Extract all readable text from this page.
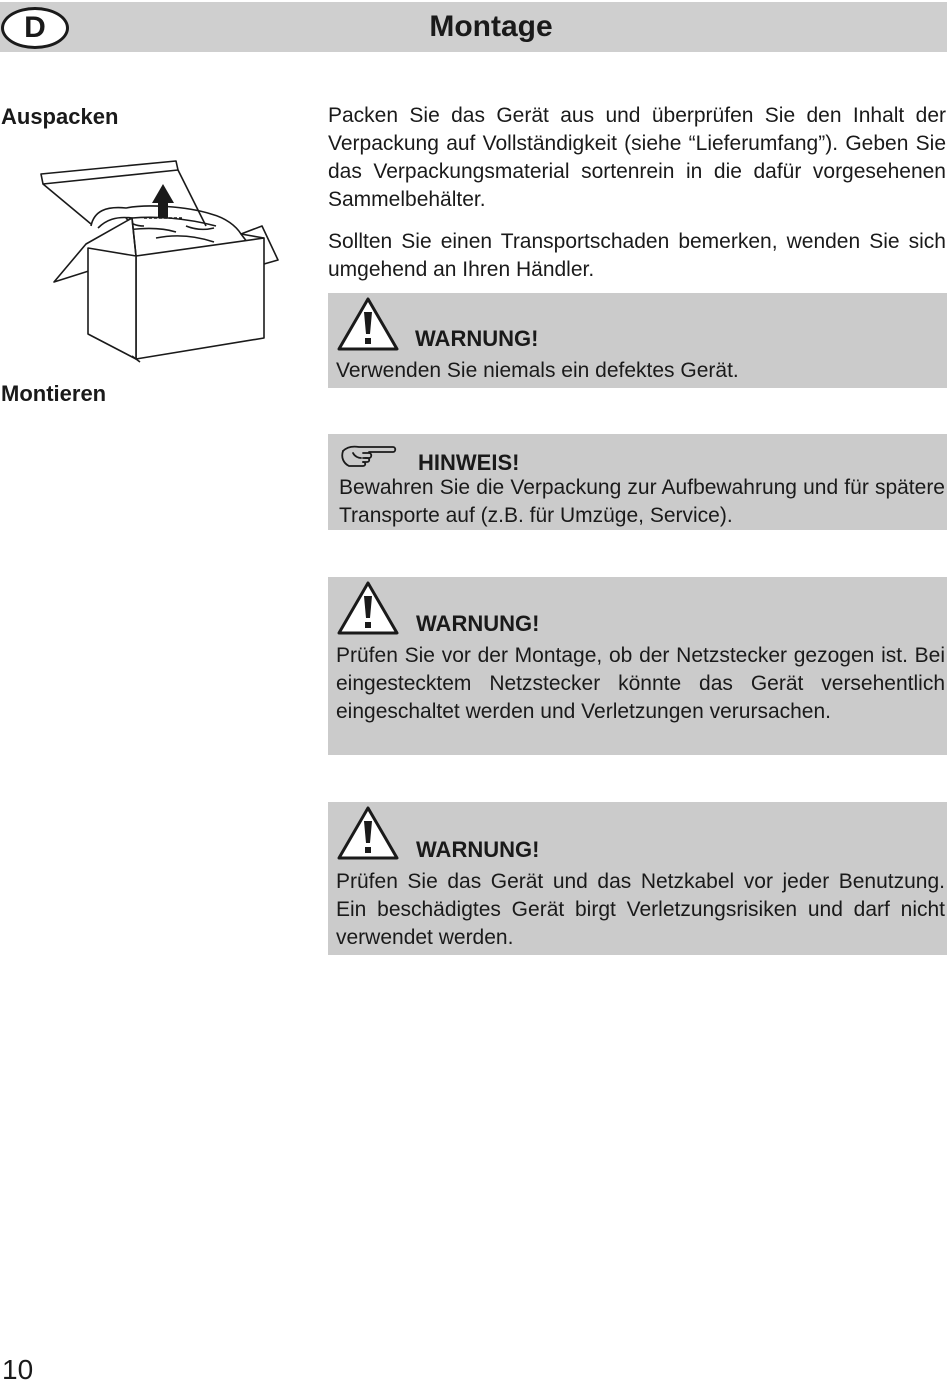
D	Montage
Auspacken
Montieren

Packen Sie das Gerät aus und überprüfen Sie den Inhalt der Verpackung auf Vollständigkeit (siehe “Lieferumfang”). Geben Sie das Verpackungsmaterial sortenrein in die dafür vorgesehenen Sammelbehälter.

Sollten Sie einen Transportschaden bemerken, wenden Sie sich umgehend an Ihren Händler.

WARNUNG!
Verwenden Sie niemals ein defektes Gerät.
HINWEIS!
Bewahren Sie die Verpackung zur Aufbewahrung und für spätere Transporte auf (z.B. für Umzüge, Service).
WARNUNG!
Prüfen Sie vor der Montage, ob der Netzstecker gezogen ist. Bei eingestecktem Netzstecker könnte das Gerät versehentlich eingeschaltet werden und Verletzungen verursachen.
WARNUNG!
Prüfen Sie das Gerät und das Netzkabel vor jeder Benutzung. Ein beschädigtes Gerät birgt Verletzungsrisiken und darf nicht verwendet werden.
10
